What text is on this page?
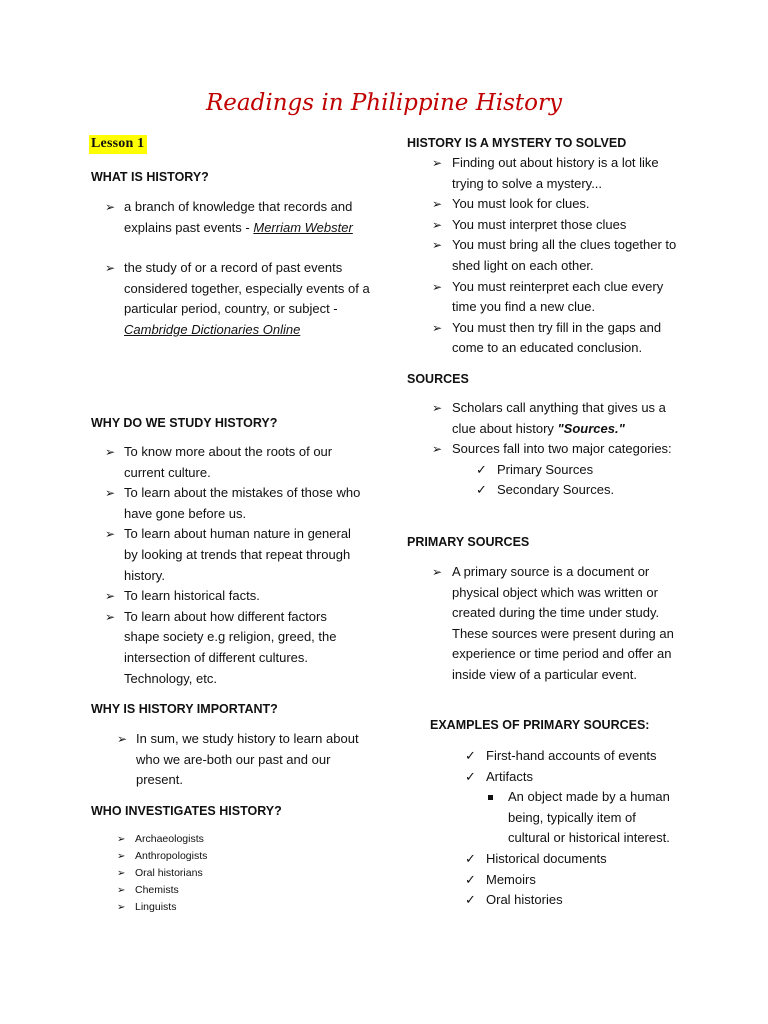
Readings in Philippine History
Lesson 1
WHAT IS HISTORY?
➢ a branch of knowledge that records and explains past events - Merriam Webster
➢ the study of or a record of past events considered together, especially events of a particular period, country, or subject - Cambridge Dictionaries Online
WHY DO WE STUDY HISTORY?
➢ To know more about the roots of our current culture.
➢ To learn about the mistakes of those who have gone before us.
➢ To learn about human nature in general by looking at trends that repeat through history.
➢ To learn historical facts.
➢ To learn about how different factors shape society e.g religion, greed, the intersection of different cultures. Technology, etc.
WHY IS HISTORY IMPORTANT?
➢ In sum, we study history to learn about who we are-both our past and our present.
WHO INVESTIGATES HISTORY?
➢ Archaeologists
➢ Anthropologists
➢ Oral historians
➢ Chemists
➢ Linguists
HISTORY IS A MYSTERY TO SOLVED
➢ Finding out about history is a lot like trying to solve a mystery...
➢ You must look for clues.
➢ You must interpret those clues
➢ You must bring all the clues together to shed light on each other.
➢ You must reinterpret each clue every time you find a new clue.
➢ You must then try fill in the gaps and come to an educated conclusion.
SOURCES
➢ Scholars call anything that gives us a clue about history "Sources."
➢ Sources fall into two major categories:
✓ Primary Sources
✓ Secondary Sources.
PRIMARY SOURCES
➢ A primary source is a document or physical object which was written or created during the time under study. These sources were present during an experience or time period and offer an inside view of a particular event.
EXAMPLES OF PRIMARY SOURCES:
✓ First-hand accounts of events
✓ Artifacts
An object made by a human being, typically item of cultural or historical interest.
✓ Historical documents
✓ Memoirs
✓ Oral histories
